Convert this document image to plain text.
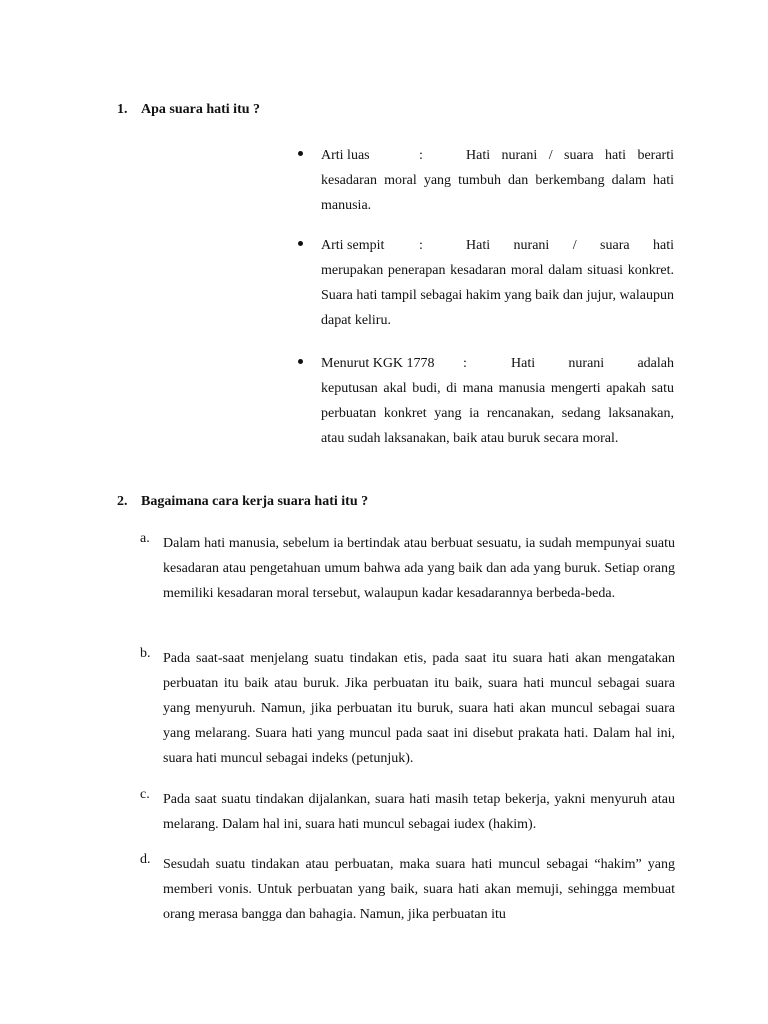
1. Apa suara hati itu ?
Arti luas	:	Hati nurani / suara hati berarti
kesadaran moral yang tumbuh dan berkembang dalam hati manusia.
Arti sempit	:	Hati nurani / suara hati
merupakan penerapan kesadaran moral dalam situasi konkret. Suara hati tampil sebagai hakim yang baik dan jujur, walaupun dapat keliru.
Menurut KGK 1778	:	Hati nurani adalah
keputusan akal budi, di mana manusia mengerti apakah satu perbuatan konkret yang ia rencanakan, sedang laksanakan, atau sudah laksanakan, baik atau buruk secara moral.
2. Bagaimana cara kerja suara hati itu ?
a. Dalam hati manusia, sebelum ia bertindak atau berbuat sesuatu, ia sudah mempunyai suatu kesadaran atau pengetahuan umum bahwa ada yang baik dan ada yang buruk. Setiap orang memiliki kesadaran moral tersebut, walaupun kadar kesadarannya berbeda-beda.
b. Pada saat-saat menjelang suatu tindakan etis, pada saat itu suara hati akan mengatakan perbuatan itu baik atau buruk. Jika perbuatan itu baik, suara hati muncul sebagai suara yang menyuruh. Namun, jika perbuatan itu buruk, suara hati akan muncul sebagai suara yang melarang. Suara hati yang muncul pada saat ini disebut prakata hati. Dalam hal ini, suara hati muncul sebagai indeks (petunjuk).
c. Pada saat suatu tindakan dijalankan, suara hati masih tetap bekerja, yakni menyuruh atau melarang. Dalam hal ini, suara hati muncul sebagai iudex (hakim).
d. Sesudah suatu tindakan atau perbuatan, maka suara hati muncul sebagai “hakim” yang memberi vonis. Untuk perbuatan yang baik, suara hati akan memuji, sehingga membuat orang merasa bangga dan bahagia. Namun, jika perbuatan itu
